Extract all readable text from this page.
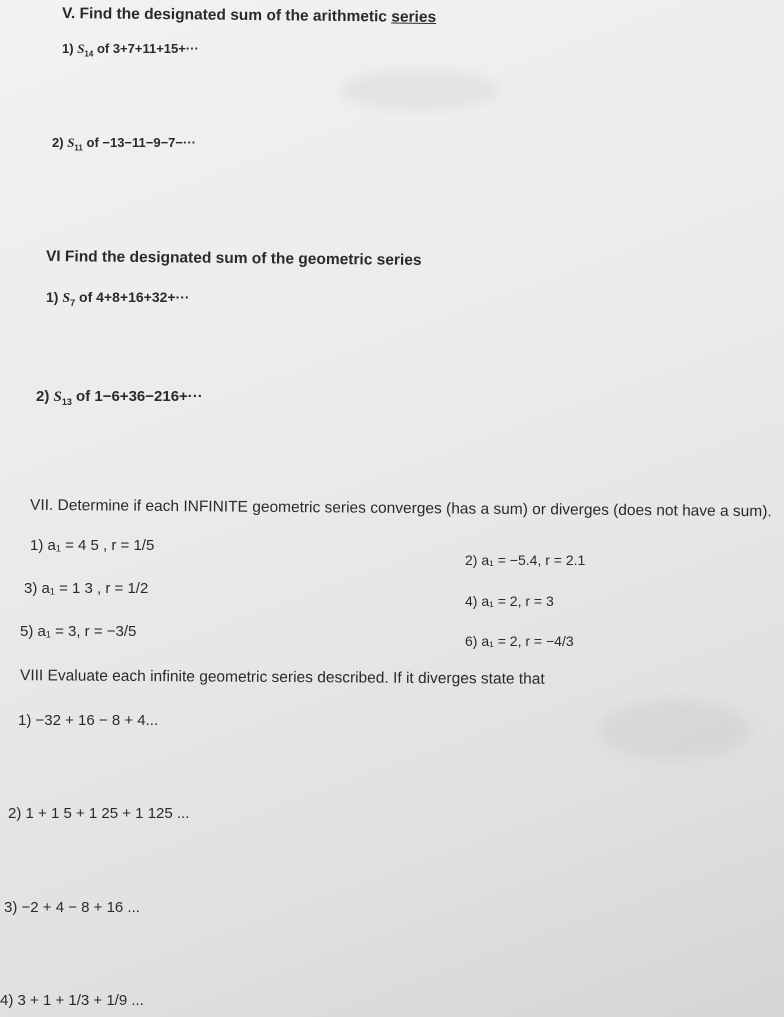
V. Find the designated sum of the arithmetic series
1) $S_{14}$ of 3+7+11+15+···
2) $S_{11}$ of −13−11−9−7−···
VI Find the designated sum of the geometric series
1) $S_7$ of 4+8+16+32+···
2) $S_{13}$ of 1−6+36−216+···
VII. Determine if each INFINITE geometric series converges (has a sum) or diverges (does not have a sum).
1) a₁ = 4 5 , r = 1/5
2) a₁ = −5.4, r = 2.1
3) a₁ = 1 3 , r = 1/2
4) a₁ = 2, r = 3
5) a₁ = 3, r = −3/5
6) a₁ = 2, r = −4/3
VIII Evaluate each infinite geometric series described. If it diverges state that
1) −32 + 16 − 8 + 4...
2) 1 + 1 5 + 1 25 + 1 125 ...
3) −2 + 4 − 8 + 16 ...
4) 3 + 1 + 1/3 + 1/9 ...
